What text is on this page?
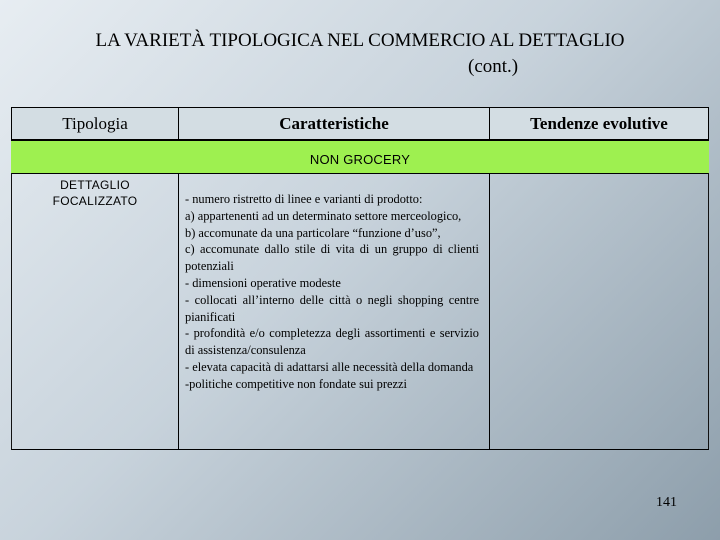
LA VARIETÀ TIPOLOGICA NEL COMMERCIO AL DETTAGLIO
(cont.)
Tipologia	Caratteristiche	Tendenze evolutive
NON GROCERY
DETTAGLIO
FOCALIZZATO	- numero ristretto di linee e varianti di prodotto:
a) appartenenti ad un determinato settore merceologico,
b) accomunate da una particolare “funzione d’uso”,
c) accomunate dallo stile di vita di un gruppo di clienti potenziali
- dimensioni operative modeste
- collocati all’interno delle città o negli shopping centre pianificati
- profondità e/o completezza degli assortimenti e servizio di assistenza/consulenza
- elevata capacità di adattarsi alle necessità della domanda
-politiche competitive non fondate sui prezzi
141
